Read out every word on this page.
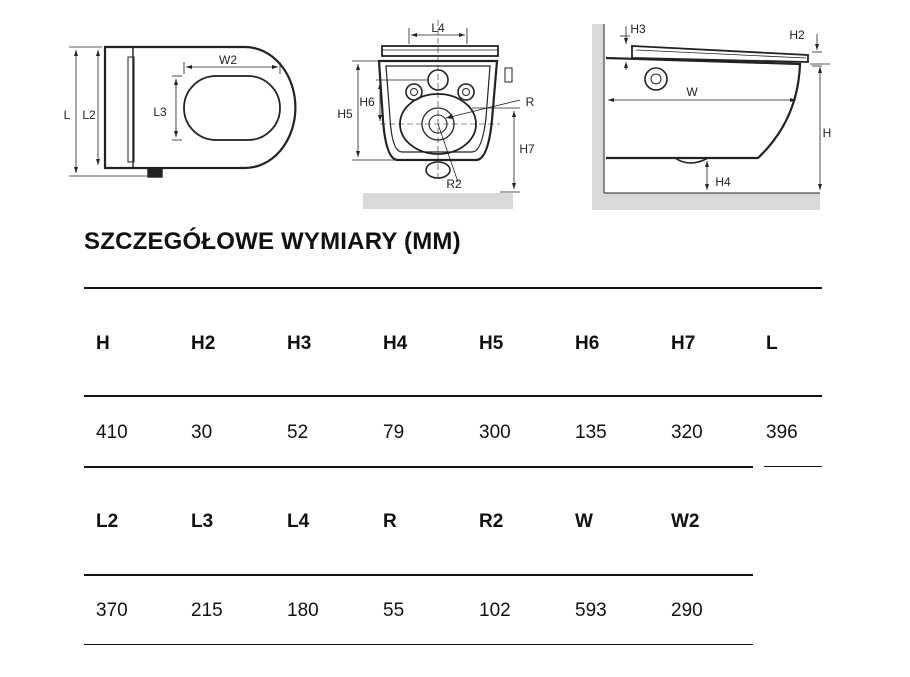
W2
L L2	L3
L4
H5
H6	R
H7
R2
H3	H2
W
H
H4
SZCZEGÓŁOWE WYMIARY (MM)
H	H2	H3	H4	H5	H6	H7	L
410	30	52	79	300	135	320	396
L2	L3	L4	R	R2	W	W2
370	215	180	55	102	593	290
